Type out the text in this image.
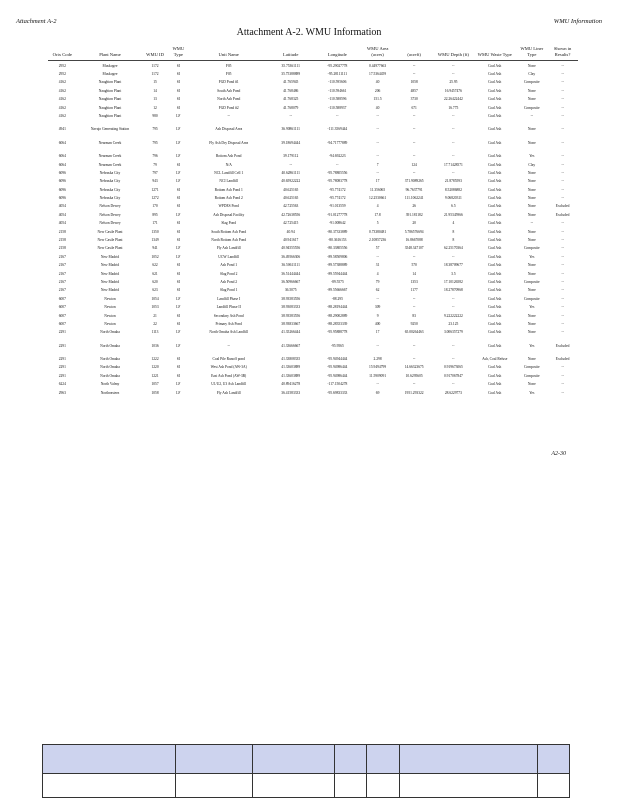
Attachment A-2	WMU Information
Attachment A-2. WMU Information
Orix Code	Plant Name	WMU ID	WMU Type	Unit Name	Latitude	Longitude	WMU Area (acres)	(acreft)	WMU Depth (ft)	WMU Waste Type	WMU Liner Type	Shown in Results?
2952	Muskogee	1172	SI	F05	35.75361111	-95.29027778	0.44977663	--	--	Coal Ash	None	--
2952	Muskogee	1172	SI	F05	35.75388889	-95.28111111	17.5364459	--	--	Coal Ash	Clay	--
4162	Naughton Plant	15	SI	FGD Pond #1	41.765945	-110.595606	40	1058	25.95	Coal Ash	Composite	--
4162	Naughton Plant	14	SI	South Ash Pond	41.768486	-110.594661	206	4857	16.9457476	Coal Ash	None	--
4162	Naughton Plant	13	SI	North Ash Pond	41.768325	-110.588596	151.5	3730	22.26422442	Coal Ash	None	--
4162	Naughton Plant	12	SI	FGD Pond #2	41.768079	-110.588937	40	671	16.775	Coal Ash	Composite	--
4162	Naughton Plant	980	LF	--	--	--	--	--	--	Coal Ash	--	--

4941	Navajo Generating Station	795	LF	Ash Disposal Area	36.90861111	-111.3569444	--	--	--	Coal Ash	None	--

6064	Nearman Creek	795	LF	Fly Ash Dry Disposal Area	39.18694444	-94.71777889	--	--	--	Coal Ash	None	--

6064	Nearman Creek	796	LF	Bottom Ash Pond	39.179112	-94.692223	--	--	--	Coal Ash	Yes	--
6064	Nearman Creek	79	SI	N/A	--	--	7	124	17.71428571	Coal Ash	Clay	--
6096	Nebraska City	797	LF	NCL Landfill Cell 1	40.62861111	-95.78805556	--	--	--	Coal Ash	None	--
6096	Nebraska City	943	LF	NCI Landfill	40.65922222	-95.78083778	17	371.9089265	21.8785593	Coal Ash	None	--
6096	Nebraska City	1271	SI	Bottom Ash Pond 1	40.625165	-95.774172	11.356065	96.7637791	8.52086882	Coal Ash	None	--
6096	Nebraska City	1272	SI	Bottom Ash Pond 2	40.625165	-95.774172	12.2530661	111.1062241	9.06820311	Coal Ash	None	--
4054	Nelson Dewey	170	SI	WPDES Pond	42.725563	-91.013559	4	26	6.5	Coal Ash	None	Excluded
4054	Nelson Dewey	895	LF	Ash Disposal Facility	42.72638556	-91.01277778	17.8	391.181182	21.95345966	Coal Ash	None	Excluded
4054	Nelson Dewey	171	SI	Slag Pond	42.725415	-91.008642	5	20	4	Coal Ash	--	--
2158	New Castle Plant	1350	SI	South Bottom Ash Pond	40.94	-80.37333889	0.73380481	5.786576694	8	Coal Ash	None	--
2158	New Castle Plant	1349	SI	North Bottom Ash Pond	40.941617	-80.3616153	2.10857236	16.8667088	8	Coal Ash	None	--
2158	New Castle Plant	941	LF	Fly Ash Landfill	40.94555556	-80.33805556	57	3548.347107	62.25170364	Coal Ash	Composite	--
2167	New Madrid	1052	LF	UCW Landfill	36.49566306	-89.58509806	--	--	--	Coal Ash	Yes	--
2167	New Madrid	622	SI	Ash Pond 1	36.50611111	-89.57388889	31	570	18.38709677	Coal Ash	None	--
2167	New Madrid	621	SI	Slag Pond 2	36.51444444	-89.55944444	4	14	3.5	Coal Ash	None	--
2167	New Madrid	620	SI	Ash Pond 2	36.50966667	-89.5575	79	1353	17.10126582	Coal Ash	Composite	--
2167	New Madrid	623	SI	Slag Pond 1	36.5075	-89.55666667	62	1177	18.27870968	Coal Ash	None	--
6007	Newton	1054	LF	Landfill Phase I	38.93583556	-88.295	--	--	--	Coal Ash	Composite	--
6007	Newton	1053	LF	Landfill Phase II	38.93083333	-88.28194444	309	--	--	Coal Ash	Yes	--
6007	Newton	21	SI	Secondary Ash Pond	38.93583556	-88.29002889	9	83	9.222222222	Coal Ash	None	--
6007	Newton	22	SI	Primary Ash Pond	38.93833667	-88.28353339	400	9250	23.125	Coal Ash	None	--
2291	North Omaha	1113	LF	North Omaha Ash Landfill	41.35266444	-95.95888778	17	65.00264463	3.006357279	Coal Ash	None	--

2291	North Omaha	1036	LF	--	41.33666667	-95.9565	--	--	--	Coal Ash	Yes	Excluded

2291	North Omaha	1222	SI	Coal Pile Runoff pond	41.33808335	-95.94944444	2.298	--	--	Ash, Coal Refuse	None	Excluded
2291	North Omaha	1220	SI	West Ash Pond (AW-3A)	41.33603889	-95.94986444	15.9494799	14.66323675	0.919673065	Coal Ash	Composite	--
2291	North Omaha	1221	SI	East Ash Pond (AW-3B)	41.33603889	-95.94986444	11.5909091	10.6295605	0.917067847	Coal Ash	Composite	--
6224	North Valmy	1057	LF	U1/U2, U3 Ash Landfill	40.89416278	-117.1504278	--	--	--	Coal Ash	None	--
2963	Northeastern	1058	LF	Fly Ash Landfill	36.41583333	-95.69833333	69	1951.293322	28.6229773	Coal Ash	Yes	--
A2-30
